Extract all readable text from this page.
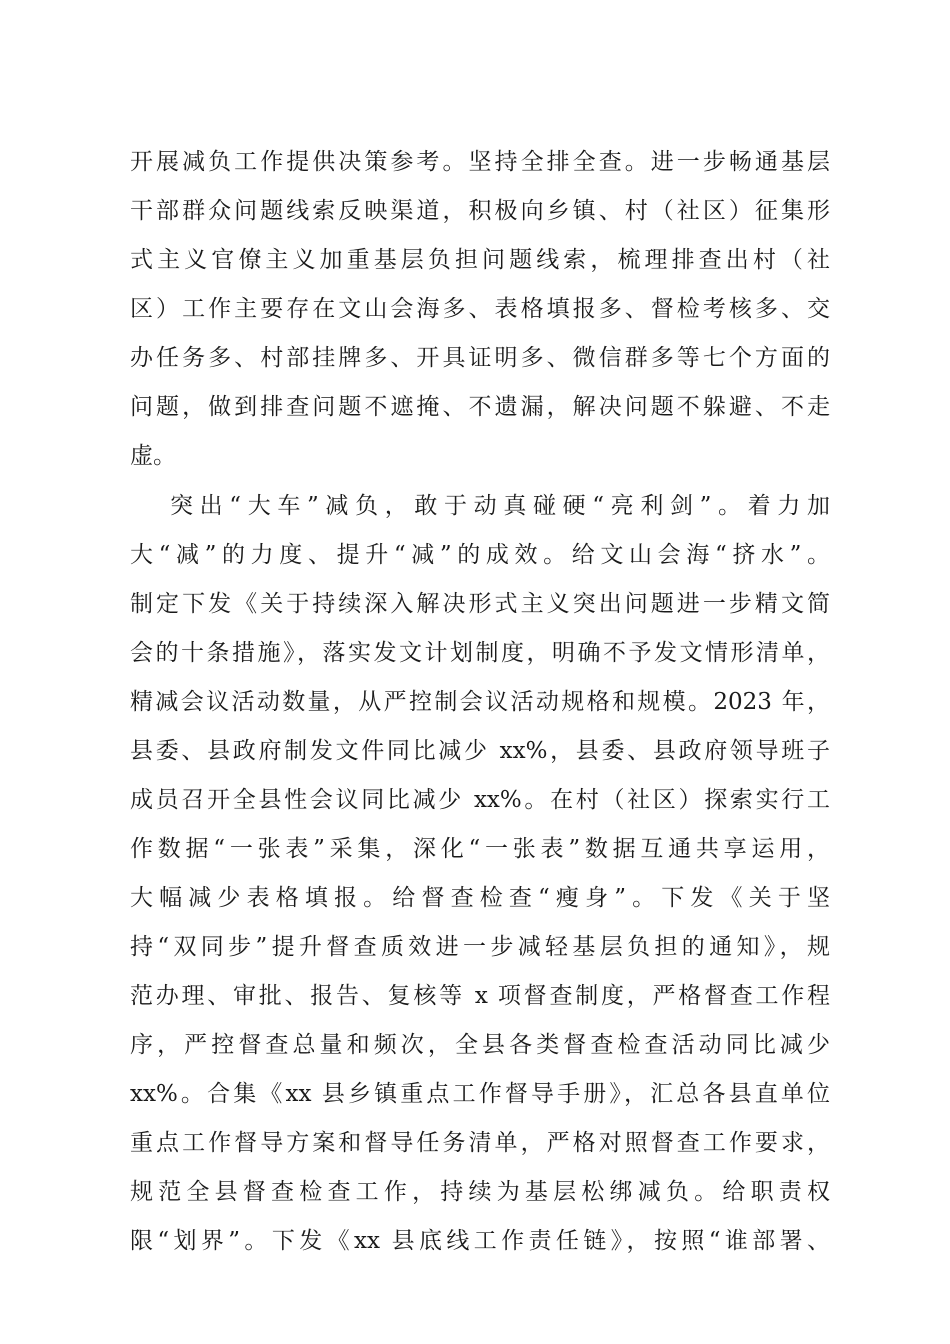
开展减负工作提供决策参考。坚持全排全查。进一步畅通基层
干部群众问题线索反映渠道，积极向乡镇、村（社区）征集形
式主义官僚主义加重基层负担问题线索，梳理排查出村（社
区）工作主要存在文山会海多、表格填报多、督检考核多、交
办任务多、村部挂牌多、开具证明多、微信群多等七个方面的
问题，做到排查问题不遮掩、不遗漏，解决问题不躲避、不走
虚。
突出“大车”减负，敢于动真碰硬“亮利剑”。着力加
大“减”的力度、提升“减”的成效。给文山会海“挤水”。
制定下发《关于持续深入解决形式主义突出问题进一步精文简
会的十条措施》，落实发文计划制度，明确不予发文情形清单，
精减会议活动数量，从严控制会议活动规格和规模。2023 年，
县委、县政府制发文件同比减少 xx%，县委、县政府领导班子
成员召开全县性会议同比减少 xx%。在村（社区）探索实行工
作数据“一张表”采集，深化“一张表”数据互通共享运用，
大幅减少表格填报。给督查检查“瘦身”。下发《关于坚
持“双同步”提升督查质效进一步减轻基层负担的通知》，规
范办理、审批、报告、复核等 x 项督查制度，严格督查工作程
序，严控督查总量和频次，全县各类督查检查活动同比减少
xx%。合集《xx 县乡镇重点工作督导手册》，汇总各县直单位
重点工作督导方案和督导任务清单，严格对照督查工作要求，
规范全县督查检查工作，持续为基层松绑减负。给职责权
限“划界”。下发《xx 县底线工作责任链》，按照“谁部署、
